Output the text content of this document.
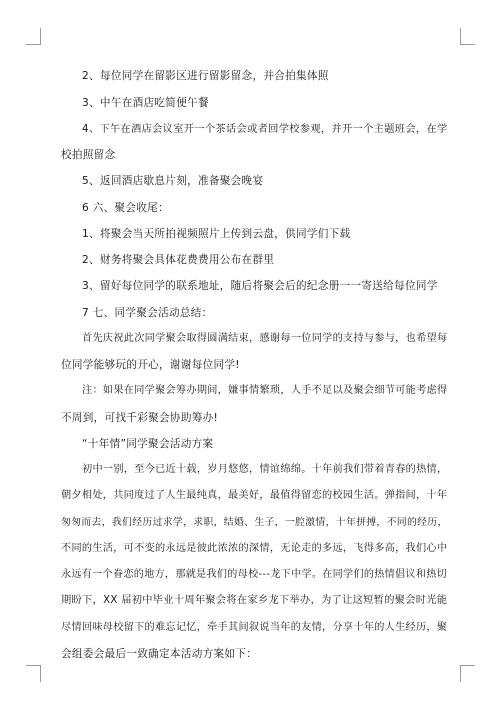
2、每位同学在留影区进行留影留念，并合拍集体照
3、中午在酒店吃简便午餐
4、下午在酒店会议室开一个茶话会或者回学校参观，并开一个主题班会，在学
校拍照留念
5、返回酒店歇息片刻，准备聚会晚宴
6 六、聚会收尾：
1、将聚会当天所拍视频照片上传到云盘，供同学们下载
2、财务将聚会具体花费费用公布在群里
3、留好每位同学的联系地址，随后将聚会后的纪念册一一寄送给每位同学
7 七、同学聚会活动总结：
首先庆祝此次同学聚会取得圆满结束，感谢每一位同学的支持与参与，也希望每
位同学能够玩的开心，谢谢每位同学!
注：如果在同学聚会筹办期间，嫌事情繁琐，人手不足以及聚会细节可能考虑得
不周到，可找千彩聚会协助筹办!
“十年情”同学聚会活动方案
初中一别，至今已近十载，岁月悠悠，情谊绵绵。十年前我们带着青春的热情，
朝夕相处，共同度过了人生最纯真，最美好，最值得留恋的校园生活。弹指间，十年
匆匆而去，我们经历过求学，求职，结婚、生子，一腔激情，十年拼搏，不同的经历，
不同的生活，可不变的永远是彼此浓浓的深情，无论走的多远，飞得多高，我们心中
永远有一个眷恋的地方，那就是我们的母校---龙下中学。在同学们的热情倡议和热切
期盼下，XX 届初中毕业十周年聚会将在家乡龙下举办，为了让这短暂的聚会时光能
尽情回味母校留下的难忘记忆，牵手其间叙说当年的友情，分享十年的人生经历，聚
会组委会最后一致确定本活动方案如下：
